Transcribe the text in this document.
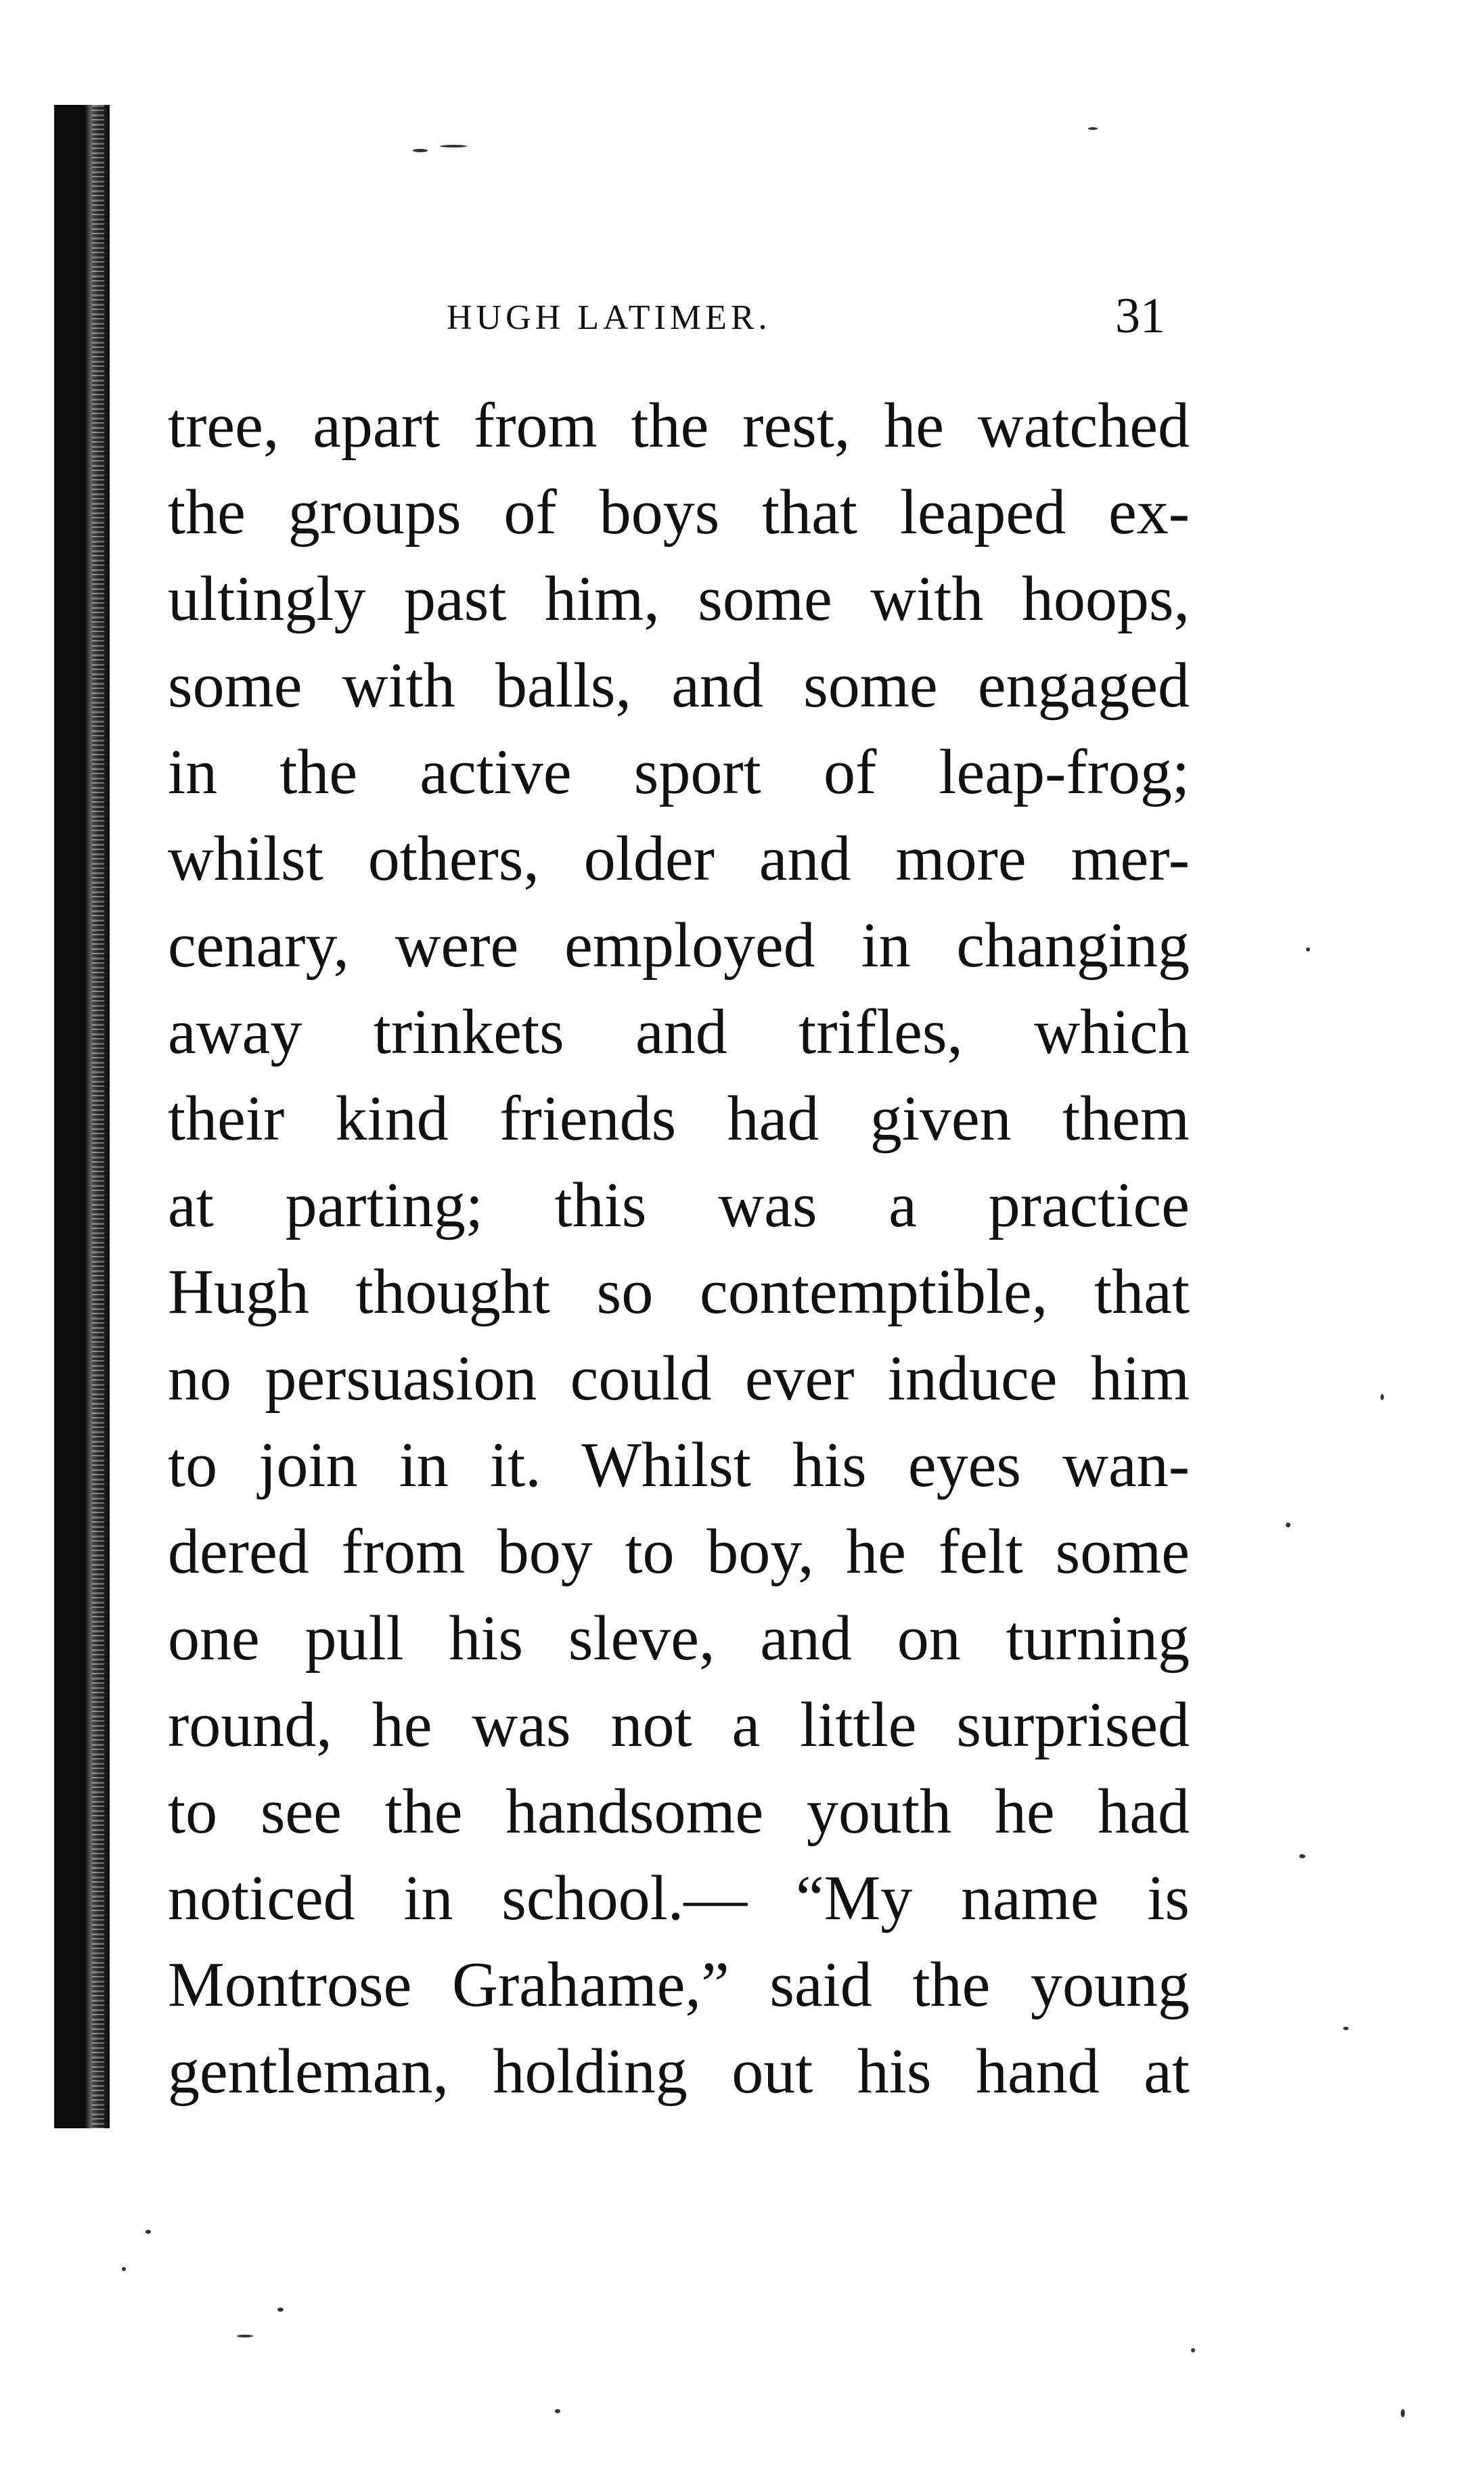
HUGH LATIMER.	31
tree, apart from the rest, he watched
the groups of boys that leaped ex-
ultingly past him, some with hoops,
some with balls, and some engaged
in the active sport of leap-frog;
whilst others, older and more mer-
cenary, were employed in changing
away trinkets and trifles, which
their kind friends had given them
at parting; this was a practice
Hugh thought so contemptible, that
no persuasion could ever induce him
to join in it. Whilst his eyes wan-
dered from boy to boy, he felt some
one pull his sleve, and on turning
round, he was not a little surprised
to see the handsome youth he had
noticed in school.— “My name is
Montrose Grahame,” said the young
gentleman, holding out his hand at
